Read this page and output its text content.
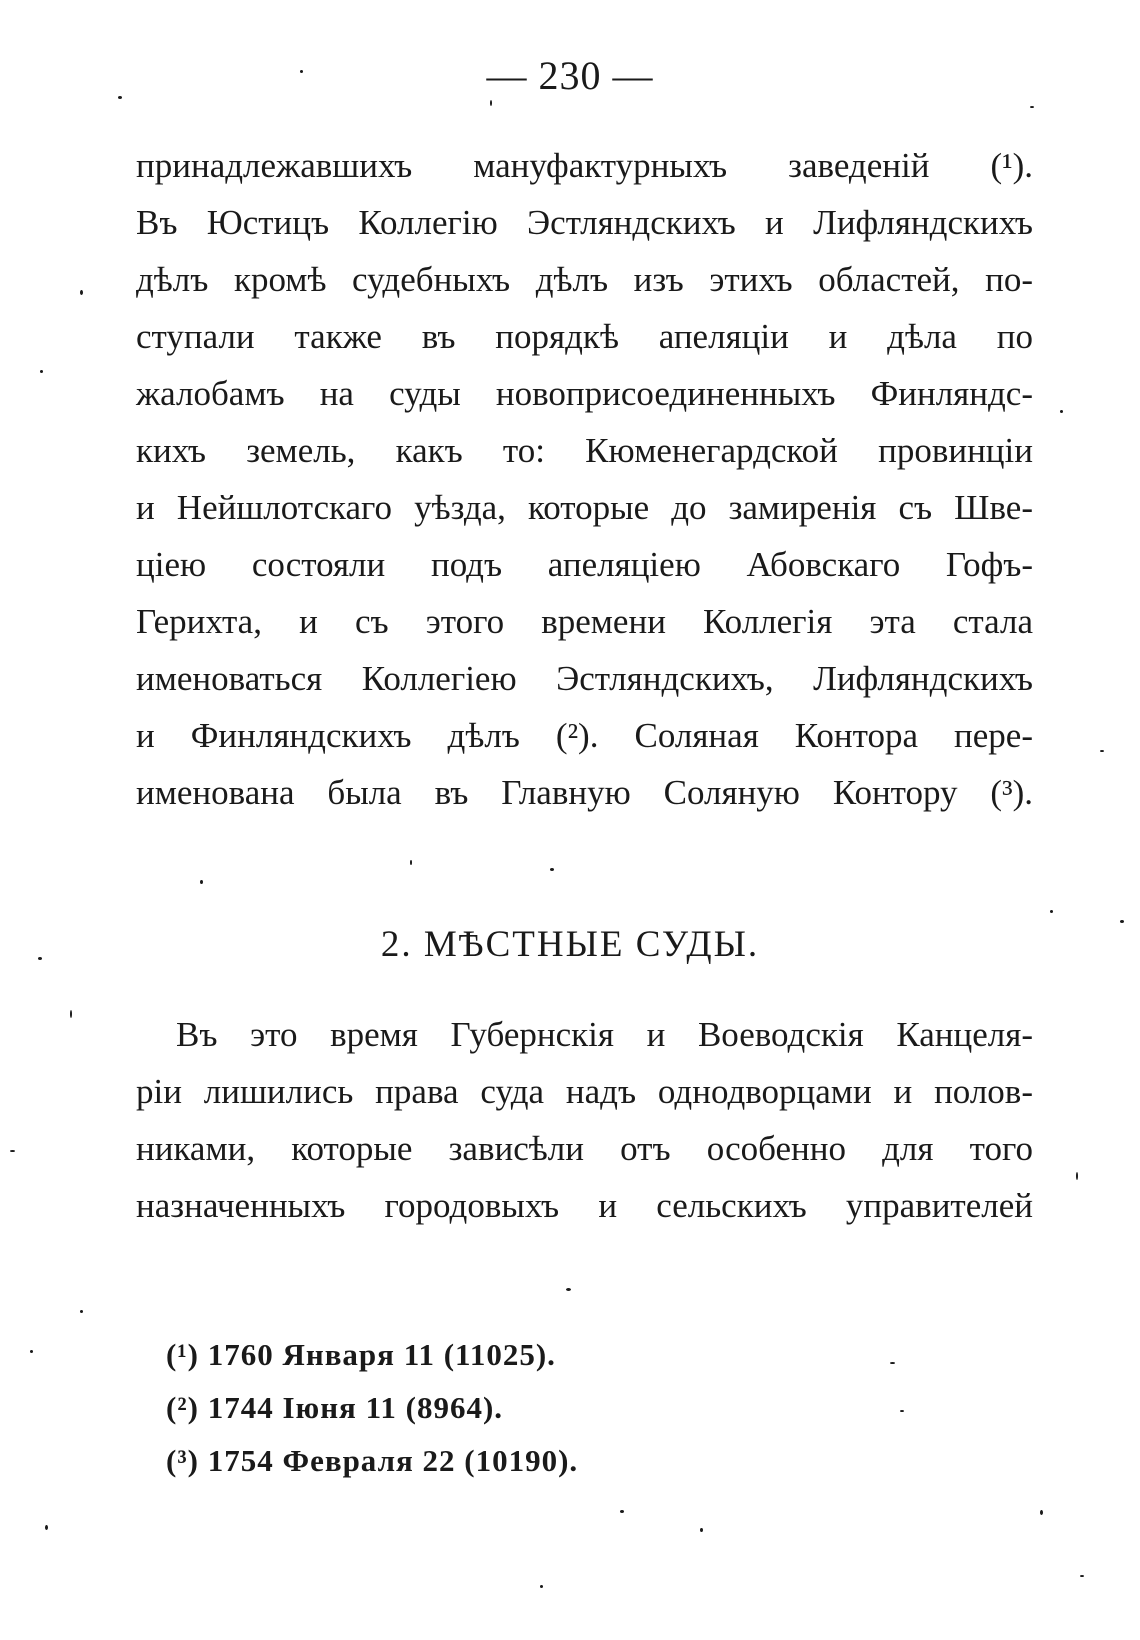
— 230 —
принадлежавшихъ мануфактурныхъ заведеній (¹).
Въ Юстицъ Коллегію Эстляндскихъ и Лифляндскихъ
дѣлъ кромѣ судебныхъ дѣлъ изъ этихъ областей, по-
ступали также въ порядкѣ апеляціи и дѣла по
жалобамъ на суды новоприсоединенныхъ Финляндс-
кихъ земель, какъ то: Кюменегардской провинціи
и Нейшлотскаго уѣзда, которые до замиренія съ Шве-
ціею состояли подъ апеляціею Абовскаго Гофъ-
Герихта, и съ этого времени Коллегія эта стала
именоваться Коллегіею Эстляндскихъ, Лифляндскихъ
и Финляндскихъ дѣлъ (²). Соляная Контора пере-
именована была въ Главную Соляную Контору (³).
2. МѢСТНЫЕ СУДЫ.
Въ это время Губернскія и Воеводскія Канцеля-
ріи лишились права суда надъ однодворцами и полов-
никами, которые зависѣли отъ особенно для того
назначенныхъ городовыхъ и сельскихъ управителей
(¹) 1760 Января 11 (11025).
(²) 1744 Іюня 11 (8964).
(³) 1754 Февраля 22 (10190).
